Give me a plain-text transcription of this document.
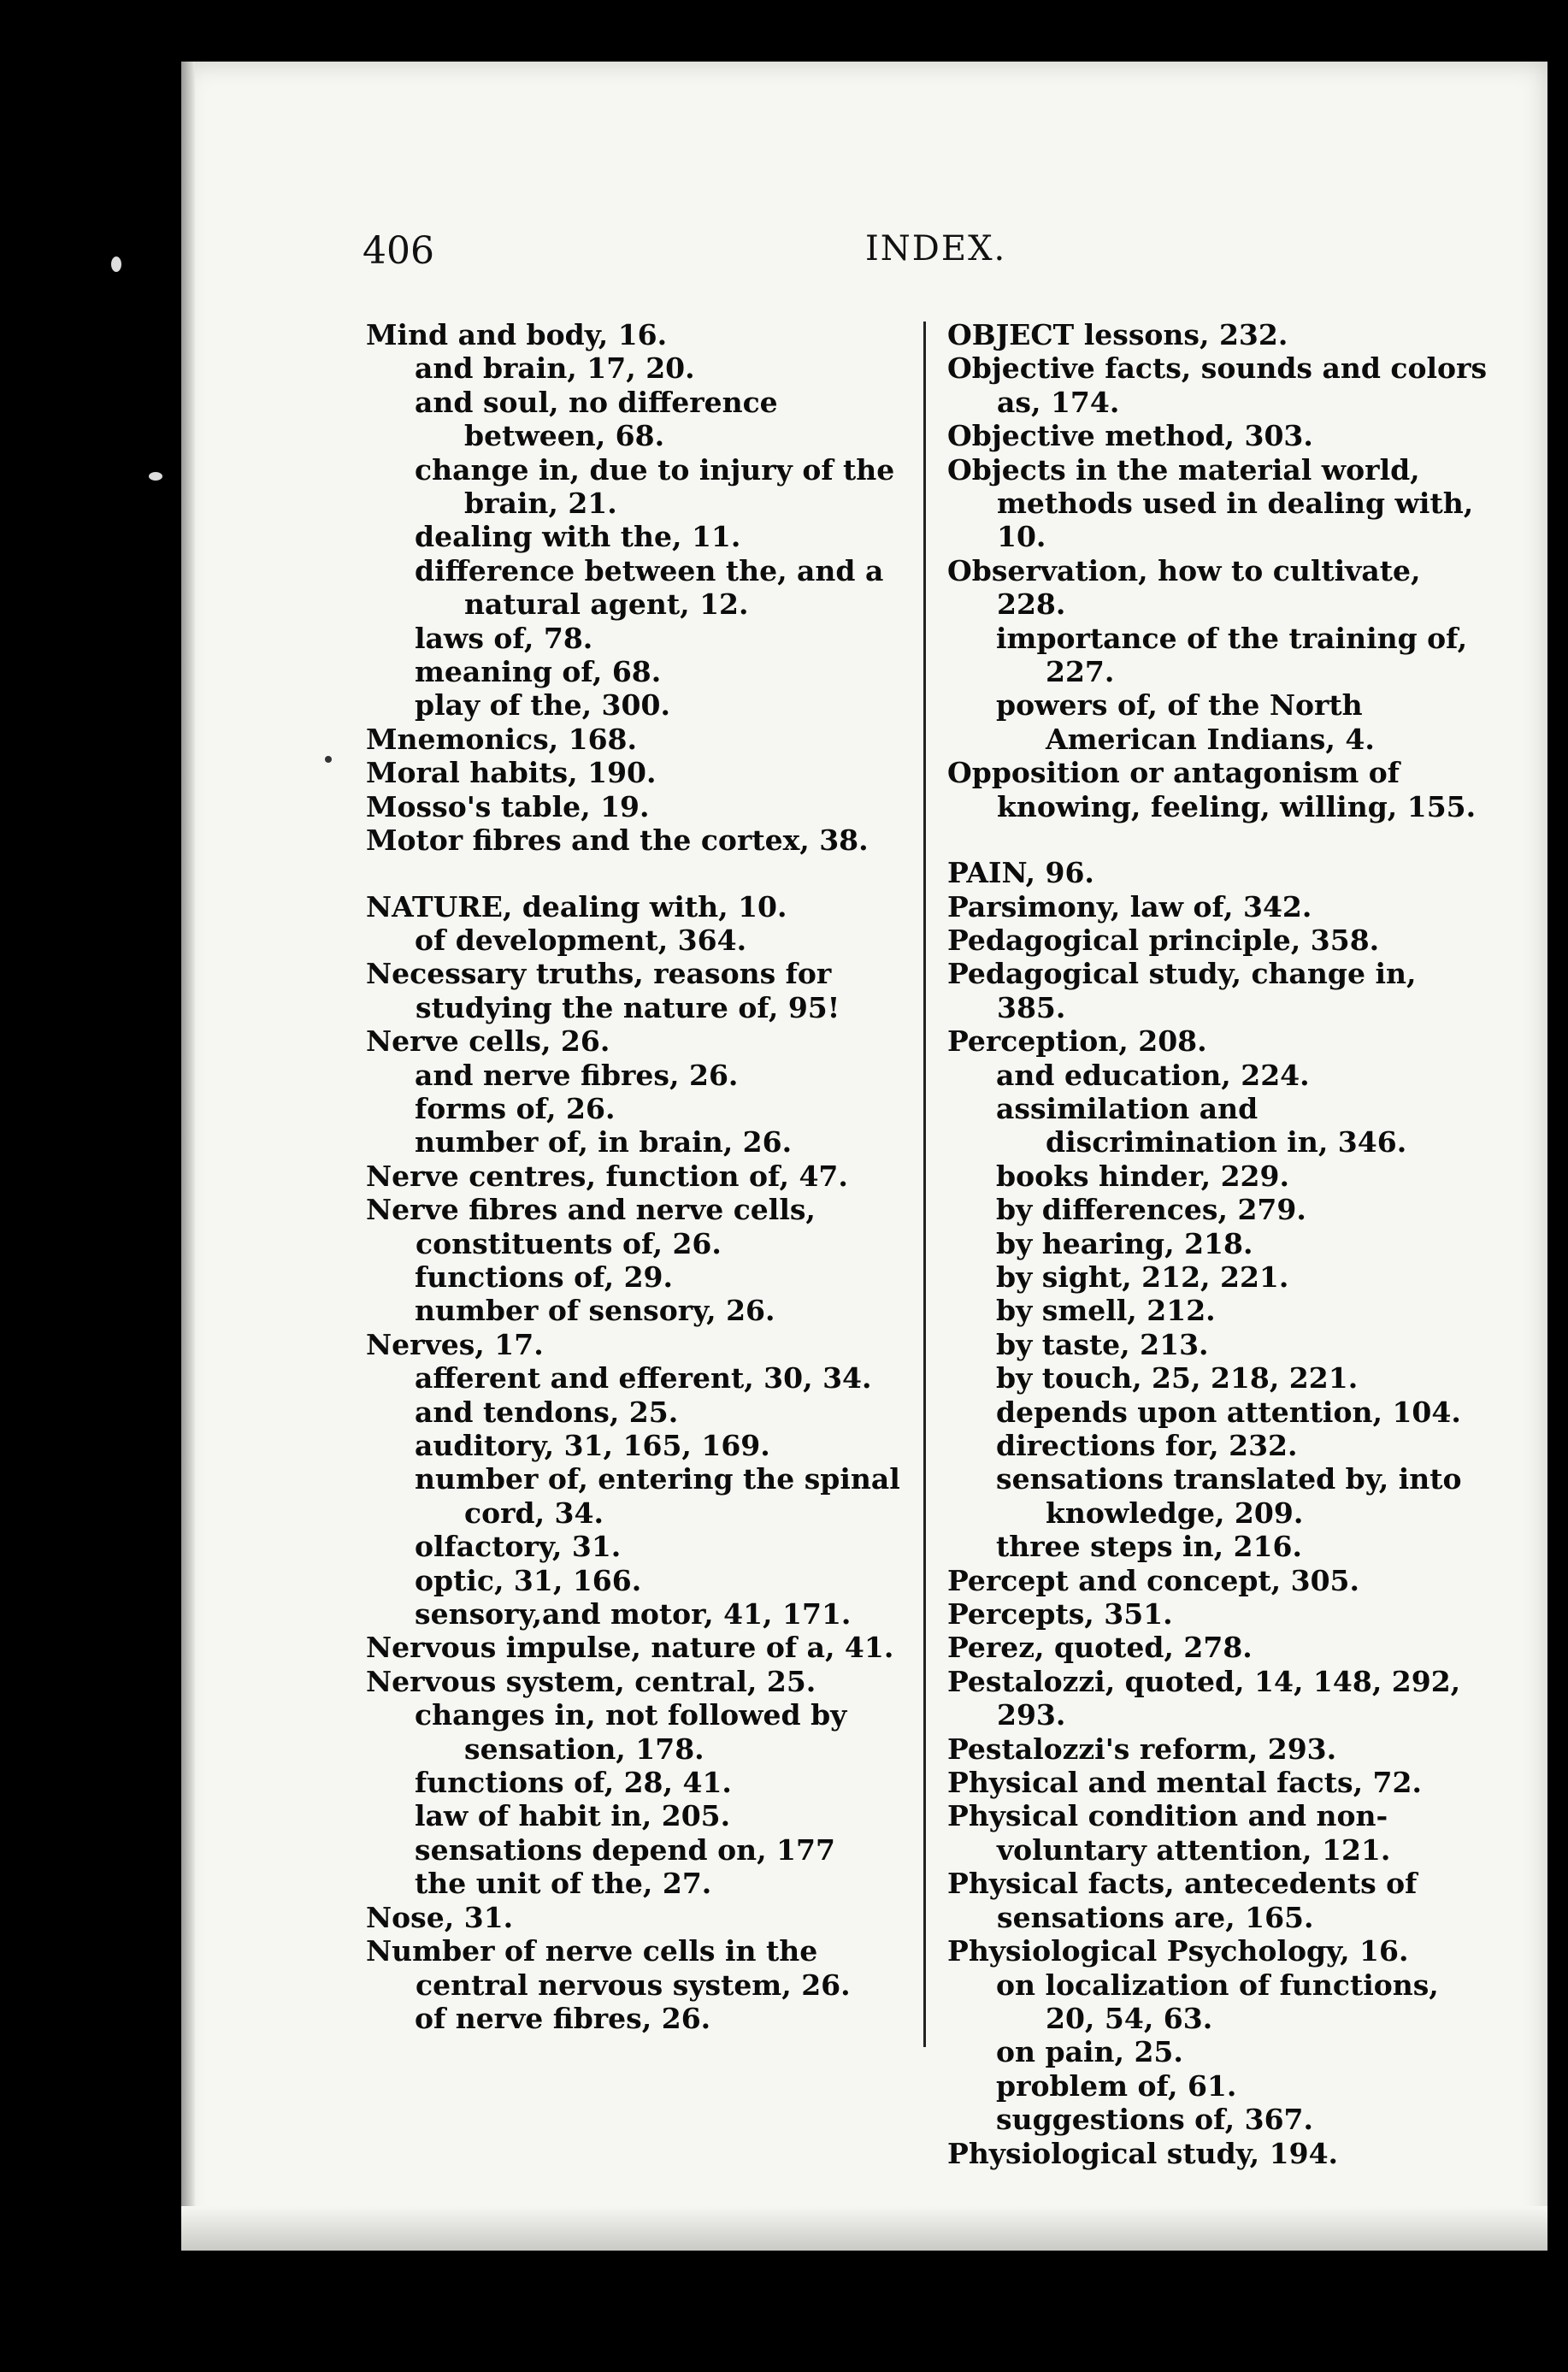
406	INDEX.

Mind and body, 16.

and brain, 17, 20.

and soul, no difference between, 68.

change in, due to injury of the brain, 21.

dealing with the, 11.

difference between the, and a natural agent, 12.

laws of, 78.

meaning of, 68.

play of the, 300.

Mnemonics, 168.

Moral habits, 190.

Mosso's table, 19.

Motor fibres and the cortex, 38.

NATURE, dealing with, 10.

of development, 364.

Necessary truths, reasons for studying the nature of, 95!

Nerve cells, 26.

and nerve fibres, 26.

forms of, 26.

number of, in brain, 26.

Nerve centres, function of, 47.

Nerve fibres and nerve cells, constituents of, 26.

functions of, 29.

number of sensory, 26.

Nerves, 17.

afferent and efferent, 30, 34.

and tendons, 25.

auditory, 31, 165, 169.

number of, entering the spinal cord, 34.

olfactory, 31.

optic, 31, 166.

sensory,and motor, 41, 171.

Nervous impulse, nature of a, 41.

Nervous system, central, 25.

changes in, not followed by sensation, 178.

functions of, 28, 41.

law of habit in, 205.

sensations depend on, 177

the unit of the, 27.

Nose, 31.

Number of nerve cells in the central nervous system, 26.

of nerve fibres, 26.

OBJECT lessons, 232.

Objective facts, sounds and colors as, 174.

Objective method, 303.

Objects in the material world, methods used in dealing with, 10.

Observation, how to cultivate, 228.

importance of the training of, 227.

powers of, of the North American Indians, 4.

Opposition or antagonism of knowing, feeling, willing, 155.

PAIN, 96.

Parsimony, law of, 342.

Pedagogical principle, 358.

Pedagogical study, change in, 385.

Perception, 208.

and education, 224.

assimilation and discrimination in, 346.

books hinder, 229.

by differences, 279.

by hearing, 218.

by sight, 212, 221.

by smell, 212.

by taste, 213.

by touch, 25, 218, 221.

depends upon attention, 104.

directions for, 232.

sensations translated by, into knowledge, 209.

three steps in, 216.

Percept and concept, 305.

Percepts, 351.

Perez, quoted, 278.

Pestalozzi, quoted, 14, 148, 292, 293.

Pestalozzi's reform, 293.

Physical and mental facts, 72.

Physical condition and non-voluntary attention, 121.

Physical facts, antecedents of sensations are, 165.

Physiological Psychology, 16.

on localization of functions, 20, 54, 63.

on pain, 25.

problem of, 61.

suggestions of, 367.

Physiological study, 194.
